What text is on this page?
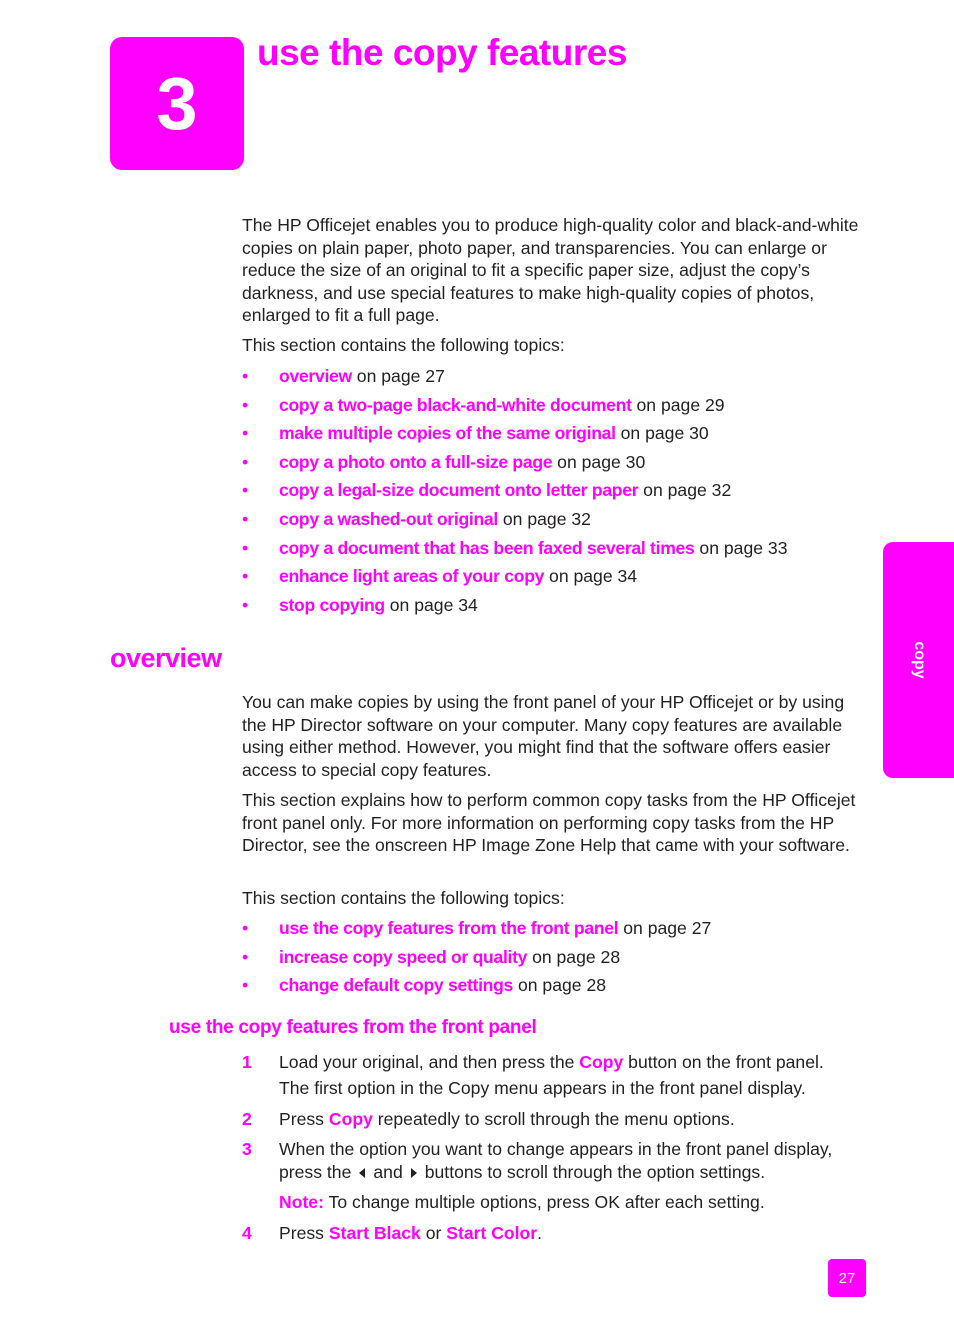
3
use the copy features
copy

The HP Officejet enables you to produce high-quality color and black-and-white copies on plain paper, photo paper, and transparencies. You can enlarge or reduce the size of an original to fit a specific paper size, adjust the copy’s darkness, and use special features to make high-quality copies of photos, enlarged to fit a full page.

This section contains the following topics:

• overview on page 27
• copy a two-page black-and-white document on page 29
• make multiple copies of the same original on page 30
• copy a photo onto a full-size page on page 30
• copy a legal-size document onto letter paper on page 32
• copy a washed-out original on page 32
• copy a document that has been faxed several times on page 33
• enhance light areas of your copy on page 34
• stop copying on page 34
overview

You can make copies by using the front panel of your HP Officejet or by using the HP Director software on your computer. Many copy features are available using either method. However, you might find that the software offers easier access to special copy features.

This section explains how to perform common copy tasks from the HP Officejet front panel only. For more information on performing copy tasks from the HP Director, see the onscreen HP Image Zone Help that came with your software.

This section contains the following topics:

• use the copy features from the front panel on page 27
• increase copy speed or quality on page 28
• change default copy settings on page 28
use the copy features from the front panel
1 Load your original, and then press the Copy button on the front panel.
The first option in the Copy menu appears in the front panel display.
2 Press Copy repeatedly to scroll through the menu options.
3 When the option you want to change appears in the front panel display,
press the and buttons to scroll through the option settings.
Note: To change multiple options, press OK after each setting.
4 Press Start Black or Start Color.
27
